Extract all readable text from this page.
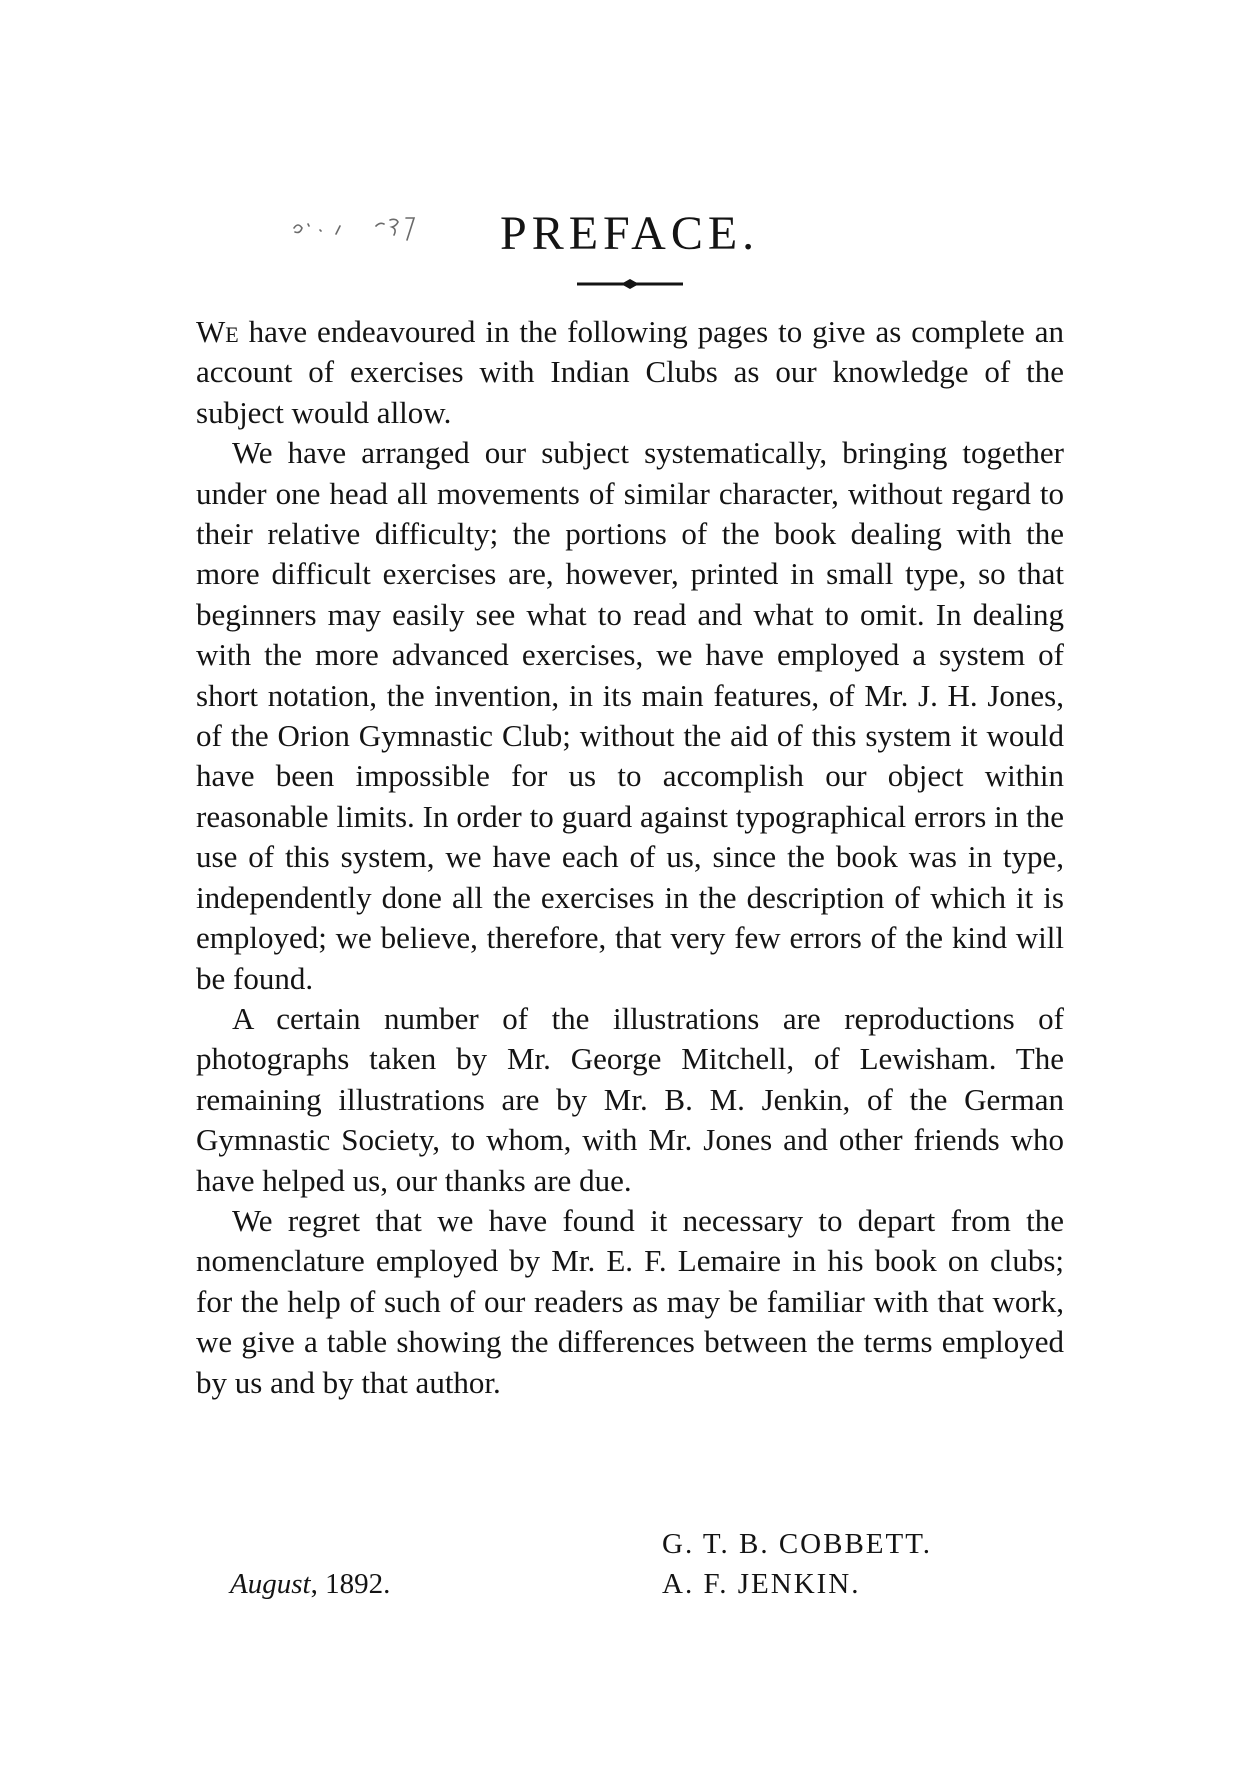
PREFACE.

We have endeavoured in the following pages to give as complete an account of exercises with Indian Clubs as our knowledge of the subject would allow.

We have arranged our subject systematically, bringing together under one head all movements of similar character, without regard to their relative difficulty; the portions of the book dealing with the more difficult exercises are, however, printed in small type, so that beginners may easily see what to read and what to omit. In dealing with the more advanced exercises, we have employed a system of short notation, the invention, in its main features, of Mr. J. H. Jones, of the Orion Gymnastic Club; without the aid of this system it would have been impossible for us to accomplish our object within reasonable limits. In order to guard against typographical errors in the use of this system, we have each of us, since the book was in type, independently done all the exercises in the description of which it is employed; we believe, therefore, that very few errors of the kind will be found.

A certain number of the illustrations are reproductions of photographs taken by Mr. George Mitchell, of Lewisham. The remaining illustrations are by Mr. B. M. Jenkin, of the German Gymnastic Society, to whom, with Mr. Jones and other friends who have helped us, our thanks are due.

We regret that we have found it necessary to depart from the nomenclature employed by Mr. E. F. Lemaire in his book on clubs; for the help of such of our readers as may be familiar with that work, we give a table showing the differences between the terms employed by us and by that author.

G. T. B. COBBETT.
A. F. JENKIN.
August, 1892.
